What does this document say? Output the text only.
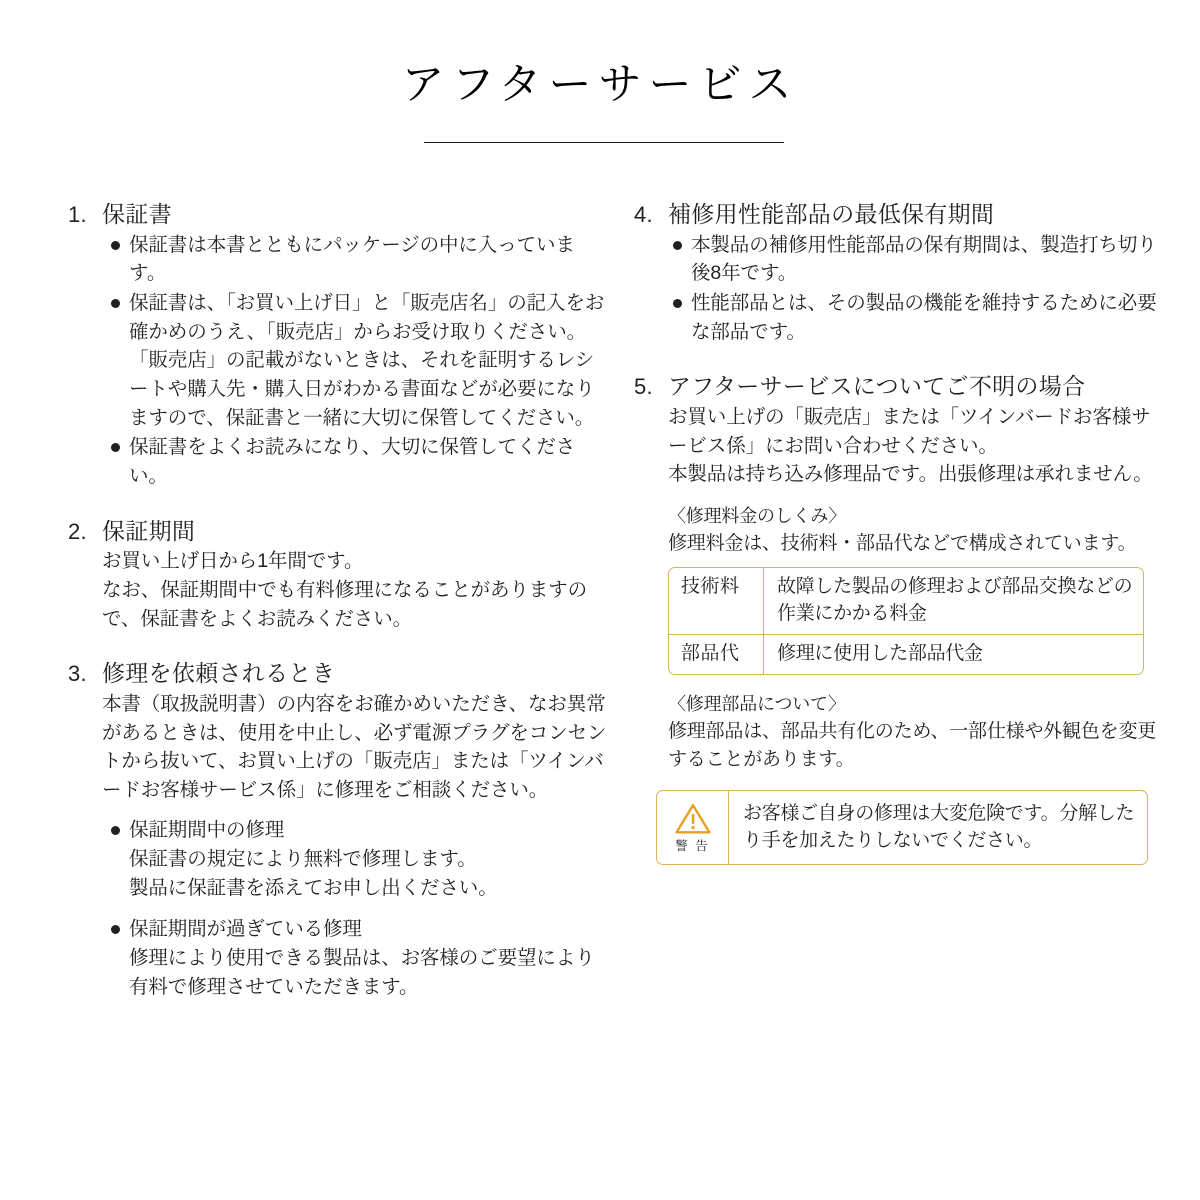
アフターサービス
1. 保証書
保証書は本書とともにパッケージの中に入っています。
保証書は、「お買い上げ日」と「販売店名」の記入をお確かめのうえ、「販売店」からお受け取りください。「販売店」の記載がないときは、それを証明するレシートや購入先・購入日がわかる書面などが必要になりますので、保証書と一緒に大切に保管してください。
保証書をよくお読みになり、大切に保管してください。
2. 保証期間

お買い上げ日から1年間です。

なお、保証期間中でも有料修理になることがありますので、保証書をよくお読みください。

3. 修理を依頼されるとき

本書（取扱説明書）の内容をお確かめいただき、なお異常があるときは、使用を中止し、必ず電源プラグをコンセントから抜いて、お買い上げの「販売店」または「ツインバードお客様サービス係」に修理をご相談ください。

保証期間中の修理
保証書の規定により無料で修理します。
製品に保証書を添えてお申し出ください。
保証期間が過ぎている修理
修理により使用できる製品は、お客様のご要望により有料で修理させていただきます。
4. 補修用性能部品の最低保有期間
本製品の補修用性能部品の保有期間は、製造打ち切り後8年です。
性能部品とは、その製品の機能を維持するために必要な部品です。
5. アフターサービスについてご不明の場合

お買い上げの「販売店」または「ツインバードお客様サービス係」にお問い合わせください。

本製品は持ち込み修理品です。出張修理は承れません。

〈修理料金のしくみ〉

修理料金は、技術料・部品代などで構成されています。

技術料	故障した製品の修理および部品交換などの作業にかかる料金
部品代	修理に使用した部品代金

〈修理部品について〉

修理部品は、部品共有化のため、一部仕様や外観色を変更することがあります。

警 告
お客様ご自身の修理は大変危険です。分解したり手を加えたりしないでください。
